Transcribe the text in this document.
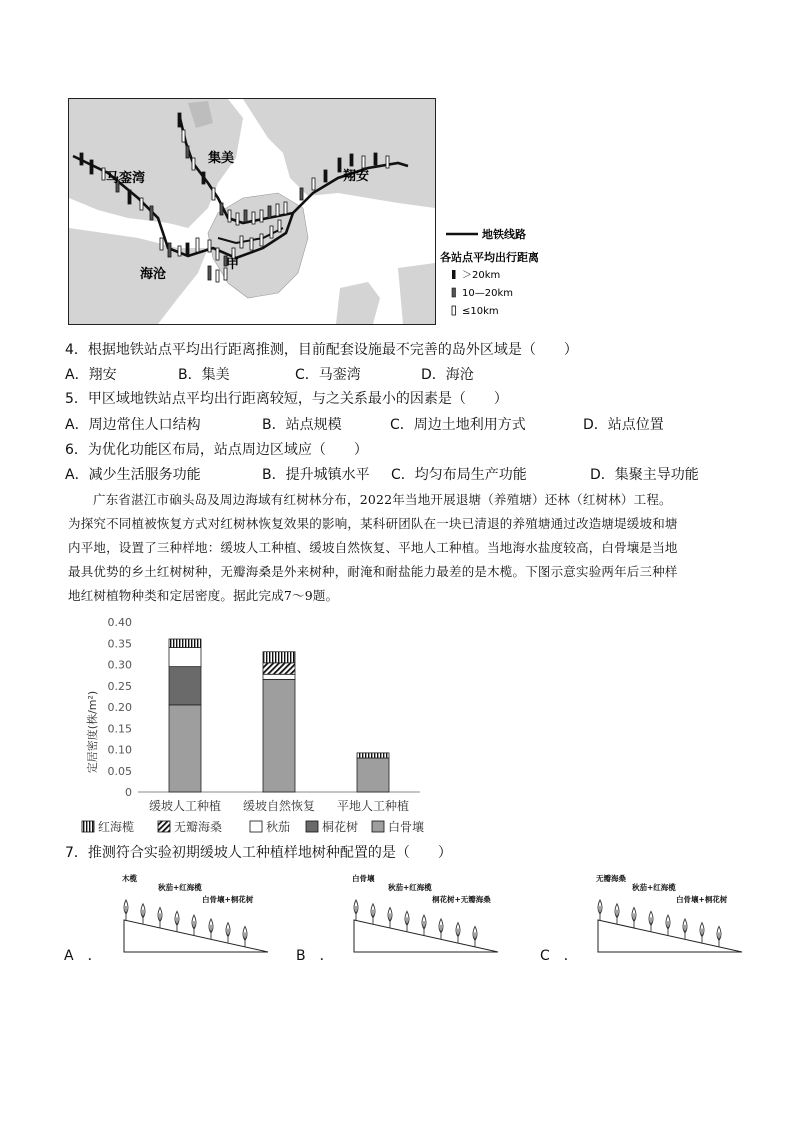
集美
马銮湾	翔安
海沧
甲
地铁线路
各站点平均出行距离
＞20km
10—20km
≤10km
4．根据地铁站点平均出行距离推测，目前配套设施最不完善的岛外区域是（　　）
A．翔安	B．集美	C．马銮湾	D．海沧
5．甲区域地铁站点平均出行距离较短，与之关系最小的因素是（　　）
A．周边常住人口结构	B．站点规模	C．周边土地利用方式	D．站点位置
6．为优化功能区布局，站点周边区域应（　　）
A．减少生活服务功能	B．提升城镇水平 C．均匀布局生产功能	D．集聚主导功能

广东省湛江市硇头岛及周边海域有红树林分布，2022年当地开展退塘（养殖塘）还林（红树林）工程。

为探究不同植被恢复方式对红树林恢复效果的影响，某科研团队在一块已清退的养殖塘通过改造塘堤缓坡和塘

内平地，设置了三种样地：缓坡人工种植、缓坡自然恢复、平地人工种植。当地海水盐度较高，白骨壤是当地

最具优势的乡土红树树种，无瓣海桑是外来树种，耐淹和耐盐能力最差的是木榄。下图示意实验两年后三种样

地红树植物种类和定居密度。据此完成7～9题。

定居密度(株/m²)
0
0.05
0.10
0.15
0.20
0.25
0.30
0.35
0.40
缓坡人工种植 缓坡自然恢复 平地人工种植
红海榄	无瓣海桑	秋茄	桐花树 白骨壤
7．推测符合实验初期缓坡人工种植样地树种配置的是（　　）
木榄
秋茄+红海榄
白骨壤+桐花树
A　．
白骨壤
秋茄+红海榄
桐花树+无瓣海桑
B　．
无瓣海桑
秋茄+红海榄
白骨壤+桐花树
C　．
